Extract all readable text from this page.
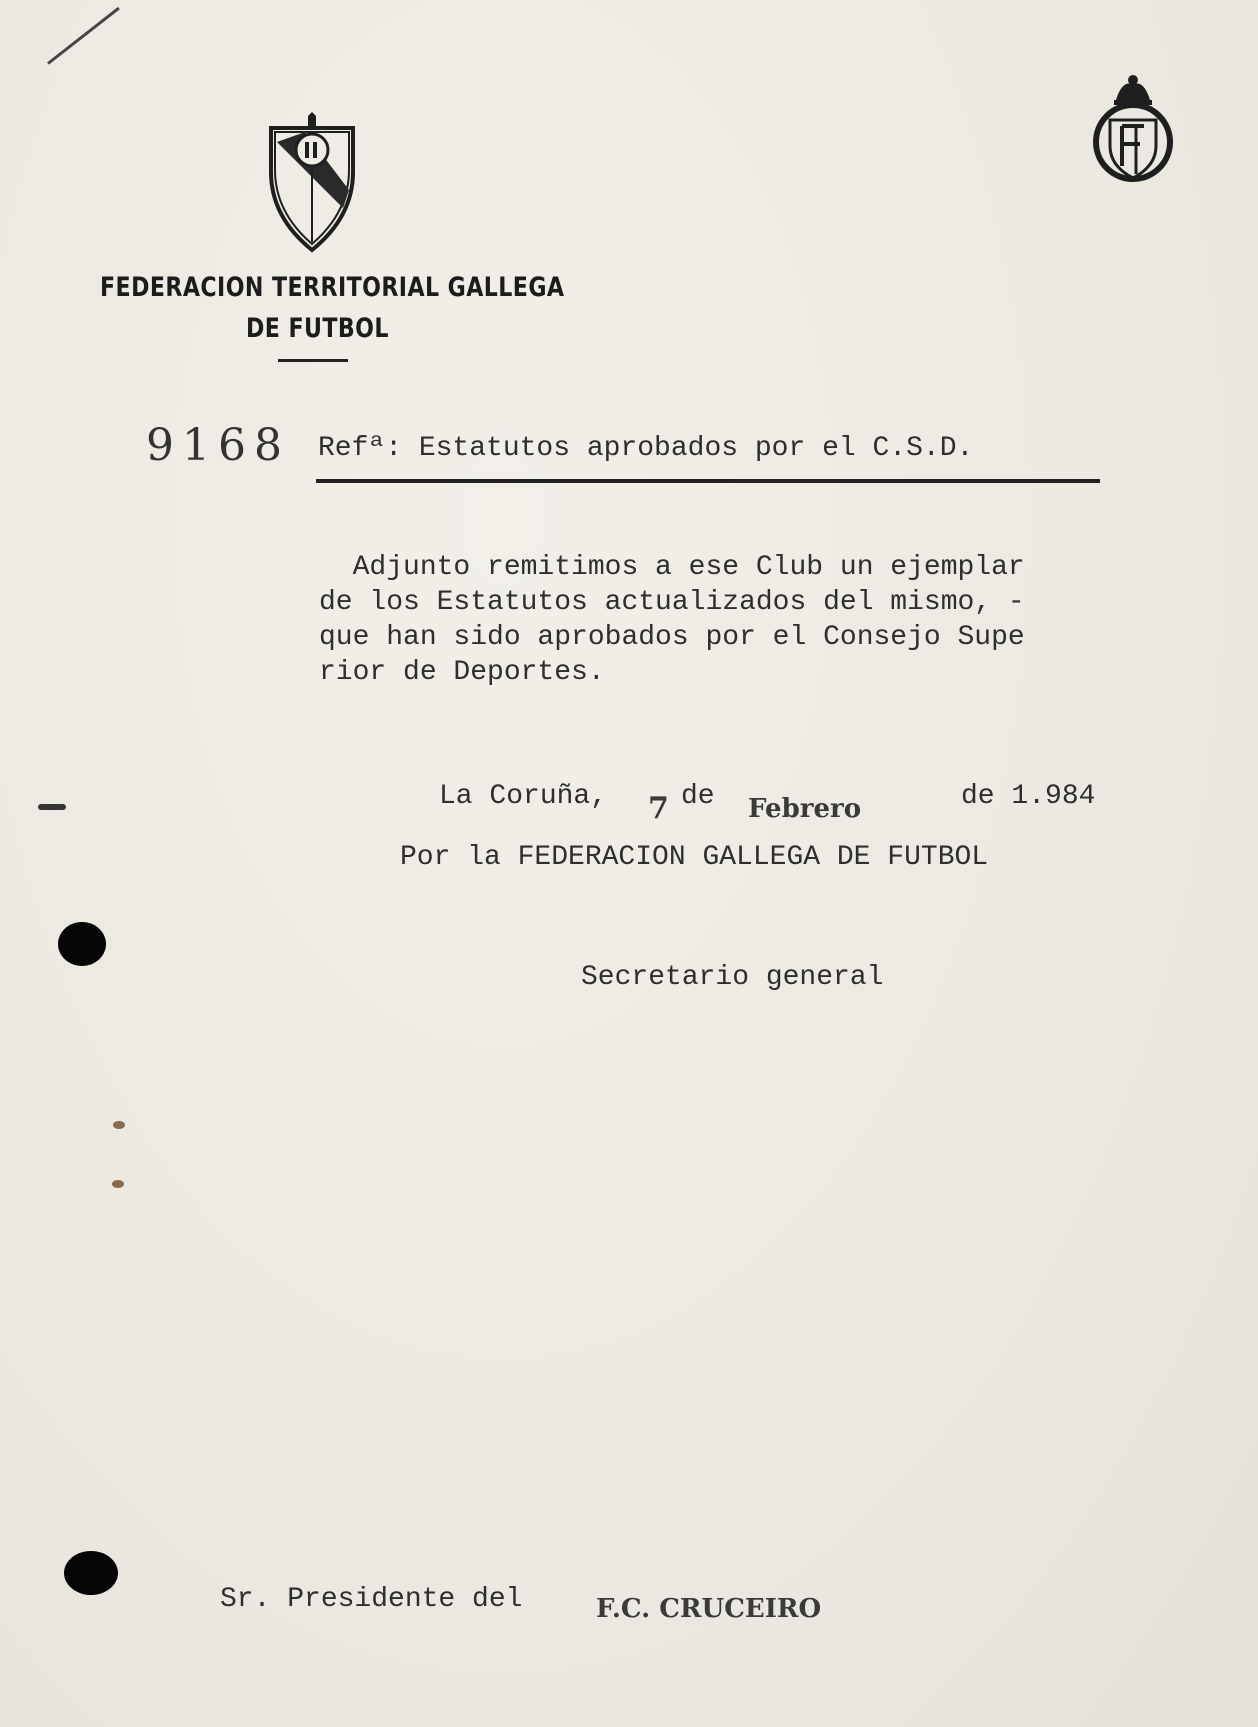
FEDERACION TERRITORIAL GALLEGA
DE FUTBOL
9168 Refª: Estatutos aprobados por el C.S.D.
Adjunto remitimos a ese Club un ejemplar
de los Estatutos actualizados del mismo, -
que han sido aprobados por el Consejo Supe
rior de Deportes.
La Coruña, 7 de Febrero	de 1.984
Por la FEDERACION GALLEGA DE FUTBOL
Secretario general
Sr. Presidente del	F.C. CRUCEIRO
